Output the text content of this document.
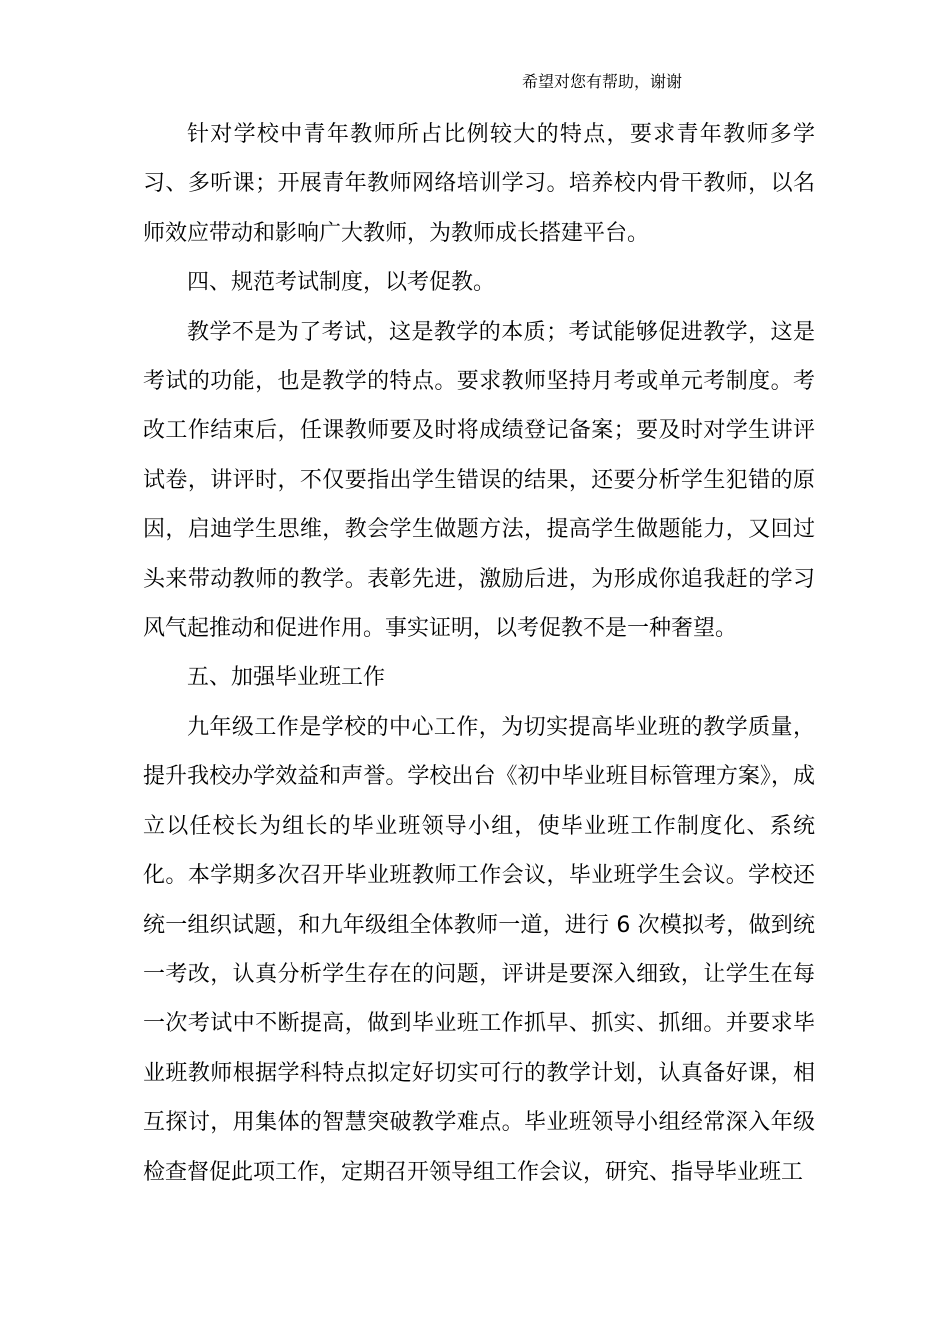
希望对您有帮助，谢谢

针对学校中青年教师所占比例较大的特点，要求青年教师多学习、多听课；开展青年教师网络培训学习。培养校内骨干教师，以名师效应带动和影响广大教师，为教师成长搭建平台。

四、规范考试制度，以考促教。

教学不是为了考试，这是教学的本质；考试能够促进教学，这是考试的功能，也是教学的特点。要求教师坚持月考或单元考制度。考改工作结束后，任课教师要及时将成绩登记备案；要及时对学生讲评试卷，讲评时，不仅要指出学生错误的结果，还要分析学生犯错的原因，启迪学生思维，教会学生做题方法，提高学生做题能力，又回过头来带动教师的教学。表彰先进，激励后进，为形成你追我赶的学习风气起推动和促进作用。事实证明，以考促教不是一种奢望。

五、加强毕业班工作

九年级工作是学校的中心工作，为切实提高毕业班的教学质量，提升我校办学效益和声誉。学校出台《初中毕业班目标管理方案》，成立以任校长为组长的毕业班领导小组，使毕业班工作制度化、系统化。本学期多次召开毕业班教师工作会议，毕业班学生会议。学校还统一组织试题，和九年级组全体教师一道，进行 6 次模拟考，做到统一考改，认真分析学生存在的问题，评讲是要深入细致，让学生在每一次考试中不断提高，做到毕业班工作抓早、抓实、抓细。并要求毕业班教师根据学科特点拟定好切实可行的教学计划，认真备好课，相互探讨，用集体的智慧突破教学难点。毕业班领导小组经常深入年级检查督促此项工作，定期召开领导组工作会议，研究、指导毕业班工
